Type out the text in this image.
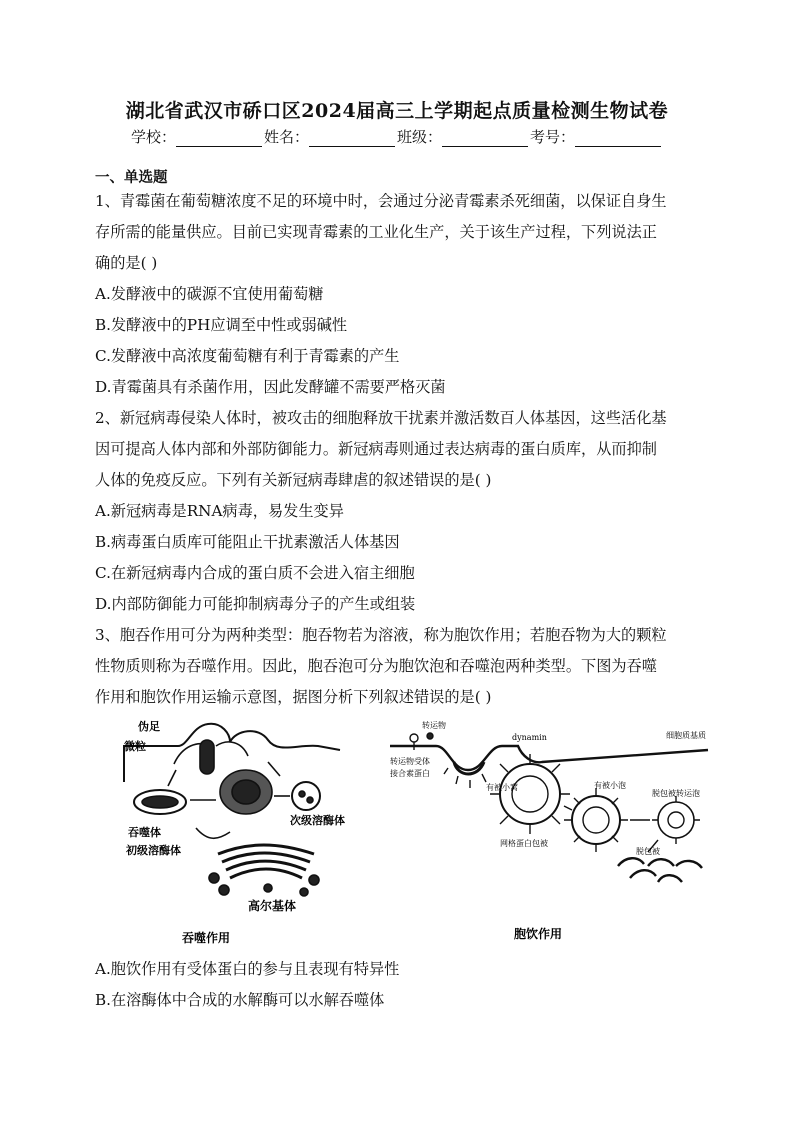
湖北省武汉市硚口区2024届高三上学期起点质量检测生物试卷
学校：	姓名：	班级：	考号：
一、单选题

1、青霉菌在葡萄糖浓度不足的环境中时，会通过分泌青霉素杀死细菌，以保证自身生

存所需的能量供应。目前已实现青霉素的工业化生产，关于该生产过程，下列说法正

确的是( )

A.发酵液中的碳源不宜使用葡萄糖

B.发酵液中的PH应调至中性或弱碱性

C.发酵液中高浓度葡萄糖有利于青霉素的产生

D.青霉菌具有杀菌作用，因此发酵罐不需要严格灭菌

2、新冠病毒侵染人体时，被攻击的细胞释放干扰素并激活数百人体基因，这些活化基

因可提高人体内部和外部防御能力。新冠病毒则通过表达病毒的蛋白质库，从而抑制

人体的免疫反应。下列有关新冠病毒肆虐的叙述错误的是( )

A.新冠病毒是RNA病毒，易发生变异

B.病毒蛋白质库可能阻止干扰素激活人体基因

C.在新冠病毒内合成的蛋白质不会进入宿主细胞

D.内部防御能力可能抑制病毒分子的产生或组装

3、胞吞作用可分为两种类型：胞吞物若为溶液，称为胞饮作用；若胞吞物为大的颗粒

性物质则称为吞噬作用。因此，胞吞泡可分为胞饮泡和吞噬泡两种类型。下图为吞噬

作用和胞饮作用运输示意图，据图分析下列叙述错误的是( )

伪足
微粒
吞噬体
次级溶酶体
初级溶酶体
高尔基体
吞噬作用
转运物
dynamin	细胞质基质
转运物受体
接合素蛋白
有被小窝
网格蛋白包被
有被小泡
脱包被转运泡
脱包被
胞饮作用

A.胞饮作用有受体蛋白的参与且表现有特异性

B.在溶酶体中合成的水解酶可以水解吞噬体
